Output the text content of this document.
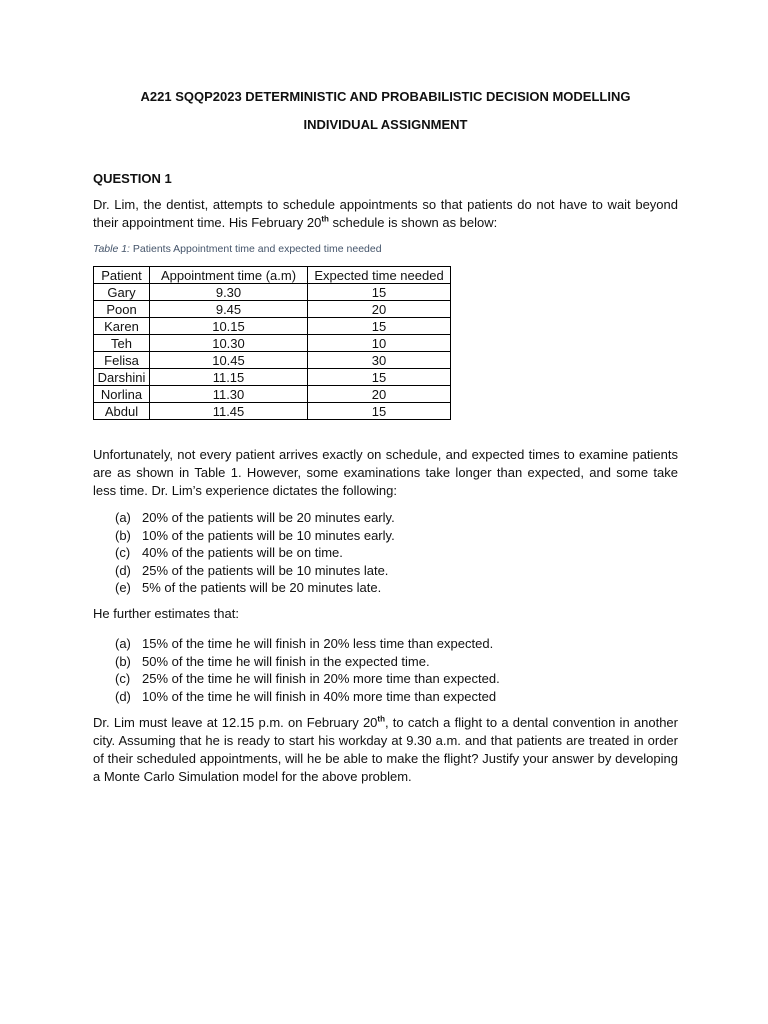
A221 SQQP2023 DETERMINISTIC AND PROBABILISTIC DECISION MODELLING
INDIVIDUAL ASSIGNMENT
QUESTION 1
Dr. Lim, the dentist, attempts to schedule appointments so that patients do not have to wait beyond their appointment time. His February 20th schedule is shown as below:
Table 1: Patients Appointment time and expected time needed
Patient	Appointment time (a.m)	Expected time needed
Gary	9.30	15
Poon	9.45	20
Karen	10.15	15
Teh	10.30	10
Felisa	10.45	30
Darshini	11.15	15
Norlina	11.30	20
Abdul	11.45	15
Unfortunately, not every patient arrives exactly on schedule, and expected times to examine patients are as shown in Table 1. However, some examinations take longer than expected, and some take less time. Dr. Lim’s experience dictates the following:
(a) 20% of the patients will be 20 minutes early.
(b) 10% of the patients will be 10 minutes early.
(c) 40% of the patients will be on time.
(d) 25% of the patients will be 10 minutes late.
(e) 5% of the patients will be 20 minutes late.
He further estimates that:
(a) 15% of the time he will finish in 20% less time than expected.
(b) 50% of the time he will finish in the expected time.
(c) 25% of the time he will finish in 20% more time than expected.
(d) 10% of the time he will finish in 40% more time than expected
Dr. Lim must leave at 12.15 p.m. on February 20th, to catch a flight to a dental convention in another city. Assuming that he is ready to start his workday at 9.30 a.m. and that patients are treated in order of their scheduled appointments, will he be able to make the flight? Justify your answer by developing a Monte Carlo Simulation model for the above problem.
